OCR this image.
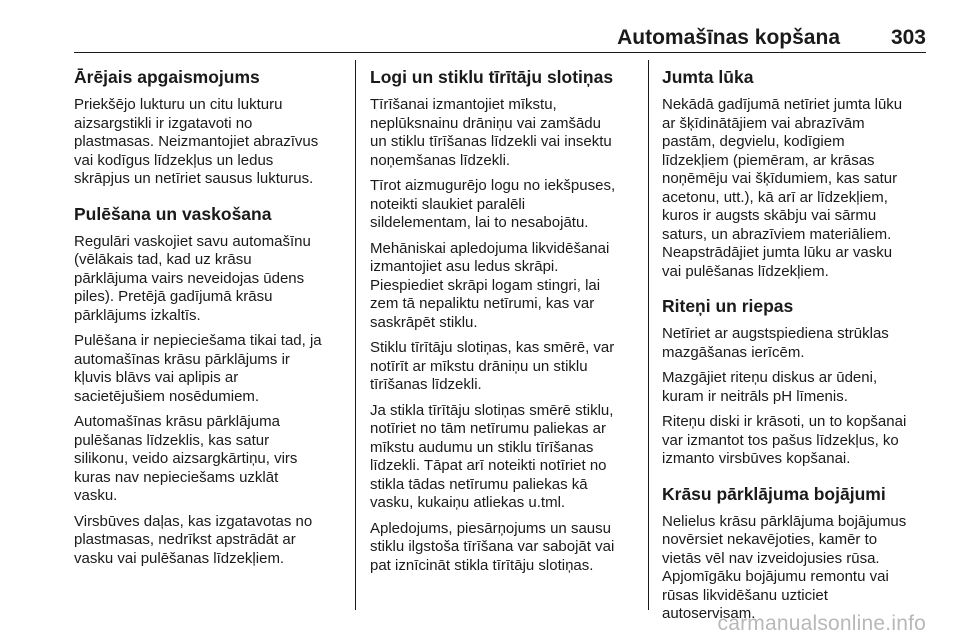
Automašīnas kopšana 303
Ārējais apgaismojums

Priekšējo lukturu un citu lukturu
aizsargstikli ir izgatavoti no
plastmasas. Neizmantojiet abrazīvus
vai kodīgus līdzekļus un ledus
skrāpjus un netīriet sausus lukturus.

Pulēšana un vaskošana

Regulāri vaskojiet savu automašīnu
(vēlākais tad, kad uz krāsu
pārklājuma vairs neveidojas ūdens
piles). Pretējā gadījumā krāsu
pārklājums izkaltīs.

Pulēšana ir nepieciešama tikai tad, ja
automašīnas krāsu pārklājums ir
kļuvis blāvs vai aplipis ar
sacietējušiem nosēdumiem.

Automašīnas krāsu pārklājuma
pulēšanas līdzeklis, kas satur
silikonu, veido aizsargkārtiņu, virs
kuras nav nepieciešams uzklāt
vasku.

Virsbūves daļas, kas izgatavotas no
plastmasas, nedrīkst apstrādāt ar
vasku vai pulēšanas līdzekļiem.

Logi un stiklu tīrītāju slotiņas

Tīrīšanai izmantojiet mīkstu,
neplūksnainu drāniņu vai zamšādu
un stiklu tīrīšanas līdzekli vai insektu
noņemšanas līdzekli.

Tīrot aizmugurējo logu no iekšpuses,
noteikti slaukiet paralēli
sildelementam, lai to nesabojātu.

Mehāniskai apledojuma likvidēšanai
izmantojiet asu ledus skrāpi.
Piespiediet skrāpi logam stingri, lai
zem tā nepaliktu netīrumi, kas var
saskrāpēt stiklu.

Stiklu tīrītāju slotiņas, kas smērē, var
notīrīt ar mīkstu drāniņu un stiklu
tīrīšanas līdzekli.

Ja stikla tīrītāju slotiņas smērē stiklu,
notīriet no tām netīrumu paliekas ar
mīkstu audumu un stiklu tīrīšanas
līdzekli. Tāpat arī noteikti notīriet no
stikla tādas netīrumu paliekas kā
vasku, kukaiņu atliekas u.tml.

Apledojums, piesārņojums un sausu
stiklu ilgstoša tīrīšana var sabojāt vai
pat iznīcināt stikla tīrītāju slotiņas.

Jumta lūka

Nekādā gadījumā netīriet jumta lūku
ar šķīdinātājiem vai abrazīvām
pastām, degvielu, kodīgiem
līdzekļiem (piemēram, ar krāsas
noņēmēju vai šķīdumiem, kas satur
acetonu, utt.), kā arī ar līdzekļiem,
kuros ir augsts skābju vai sārmu
saturs, un abrazīviem materiāliem.
Neapstrādājiet jumta lūku ar vasku
vai pulēšanas līdzekļiem.

Riteņi un riepas

Netīriet ar augstspiediena strūklas
mazgāšanas ierīcēm.

Mazgājiet riteņu diskus ar ūdeni,
kuram ir neitrāls pH līmenis.

Riteņu diski ir krāsoti, un to kopšanai
var izmantot tos pašus līdzekļus, ko
izmanto virsbūves kopšanai.

Krāsu pārklājuma bojājumi

Nelielus krāsu pārklājuma bojājumus
novērsiet nekavējoties, kamēr to
vietās vēl nav izveidojusies rūsa.
Apjomīgāku bojājumu remontu vai
rūsas likvidēšanu uzticiet
autoservisam.

carmanualsonline.info
